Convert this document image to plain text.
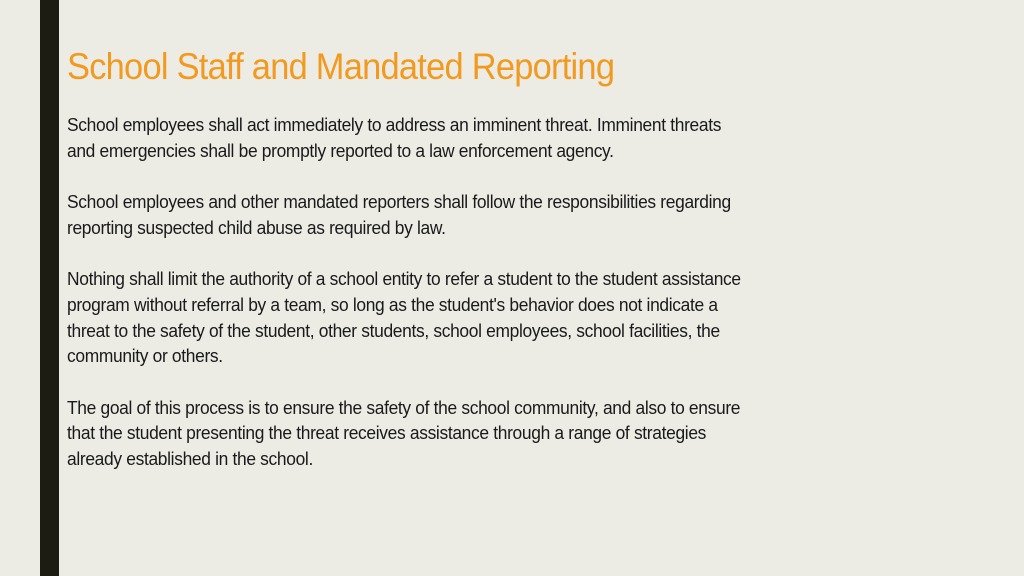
School Staff and Mandated Reporting

School employees shall act immediately to address an imminent threat. Imminent threats
and emergencies shall be promptly reported to a law enforcement agency.

School employees and other mandated reporters shall follow the responsibilities regarding
reporting suspected child abuse as required by law.

Nothing shall limit the authority of a school entity to refer a student to the student assistance
program without referral by a team, so long as the student's behavior does not indicate a
threat to the safety of the student, other students, school employees, school facilities, the
community or others.

The goal of this process is to ensure the safety of the school community, and also to ensure
that the student presenting the threat receives assistance through a range of strategies
already established in the school.
